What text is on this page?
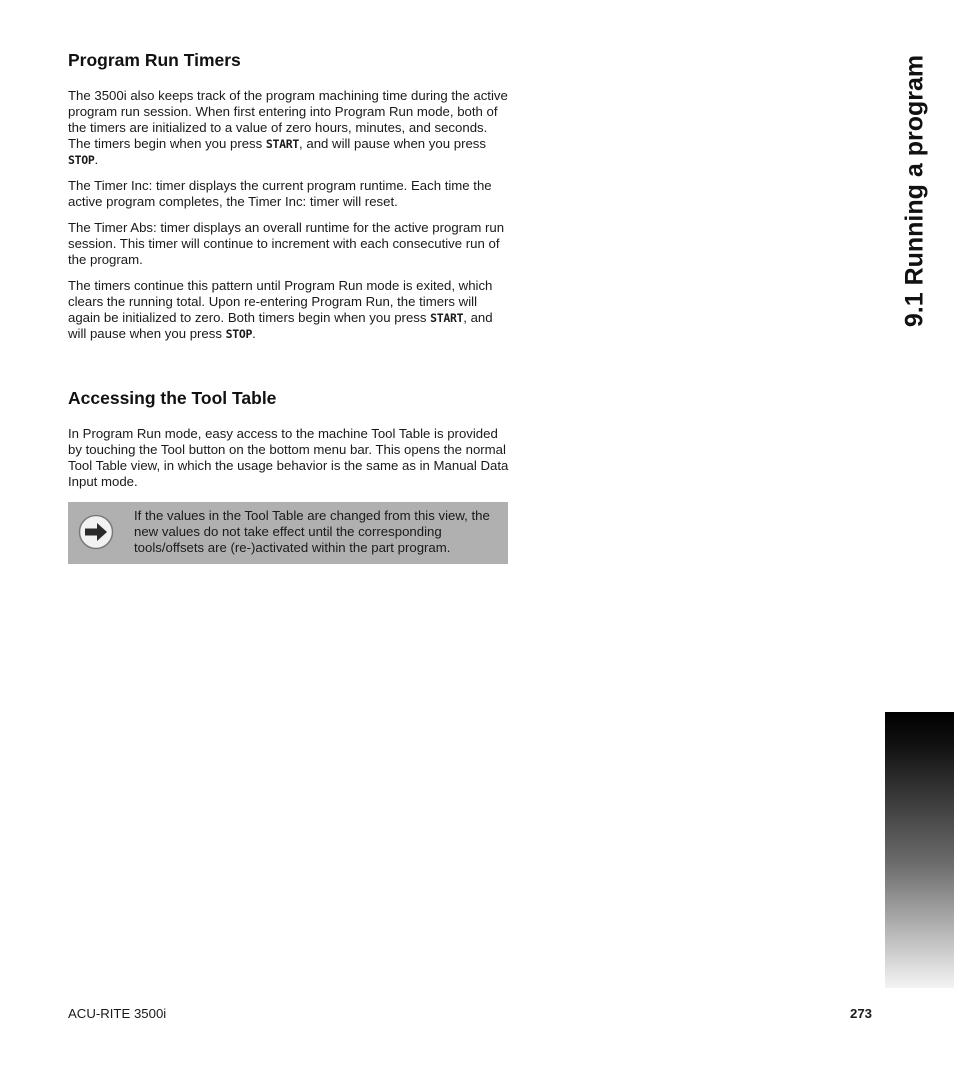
Program Run Timers

The 3500i also keeps track of the program machining time during the active program run session. When first entering into Program Run mode, both of the timers are initialized to a value of zero hours, minutes, and seconds. The timers begin when you press START, and will pause when you press STOP.

The Timer Inc: timer displays the current program runtime. Each time the active program completes, the Timer Inc: timer will reset.

The Timer Abs: timer displays an overall runtime for the active program run session. This timer will continue to increment with each consecutive run of the program.

The timers continue this pattern until Program Run mode is exited, which clears the running total. Upon re-entering Program Run, the timers will again be initialized to zero. Both timers begin when you press START, and will pause when you press STOP.

Accessing the Tool Table

In Program Run mode, easy access to the machine Tool Table is provided by touching the Tool button on the bottom menu bar. This opens the normal Tool Table view, in which the usage behavior is the same as in Manual Data Input mode.

If the values in the Tool Table are changed from this view, the new values do not take effect until the corresponding tools/offsets are (re-)activated within the part program.
9.1 Running a program
ACU-RITE 3500i	273
